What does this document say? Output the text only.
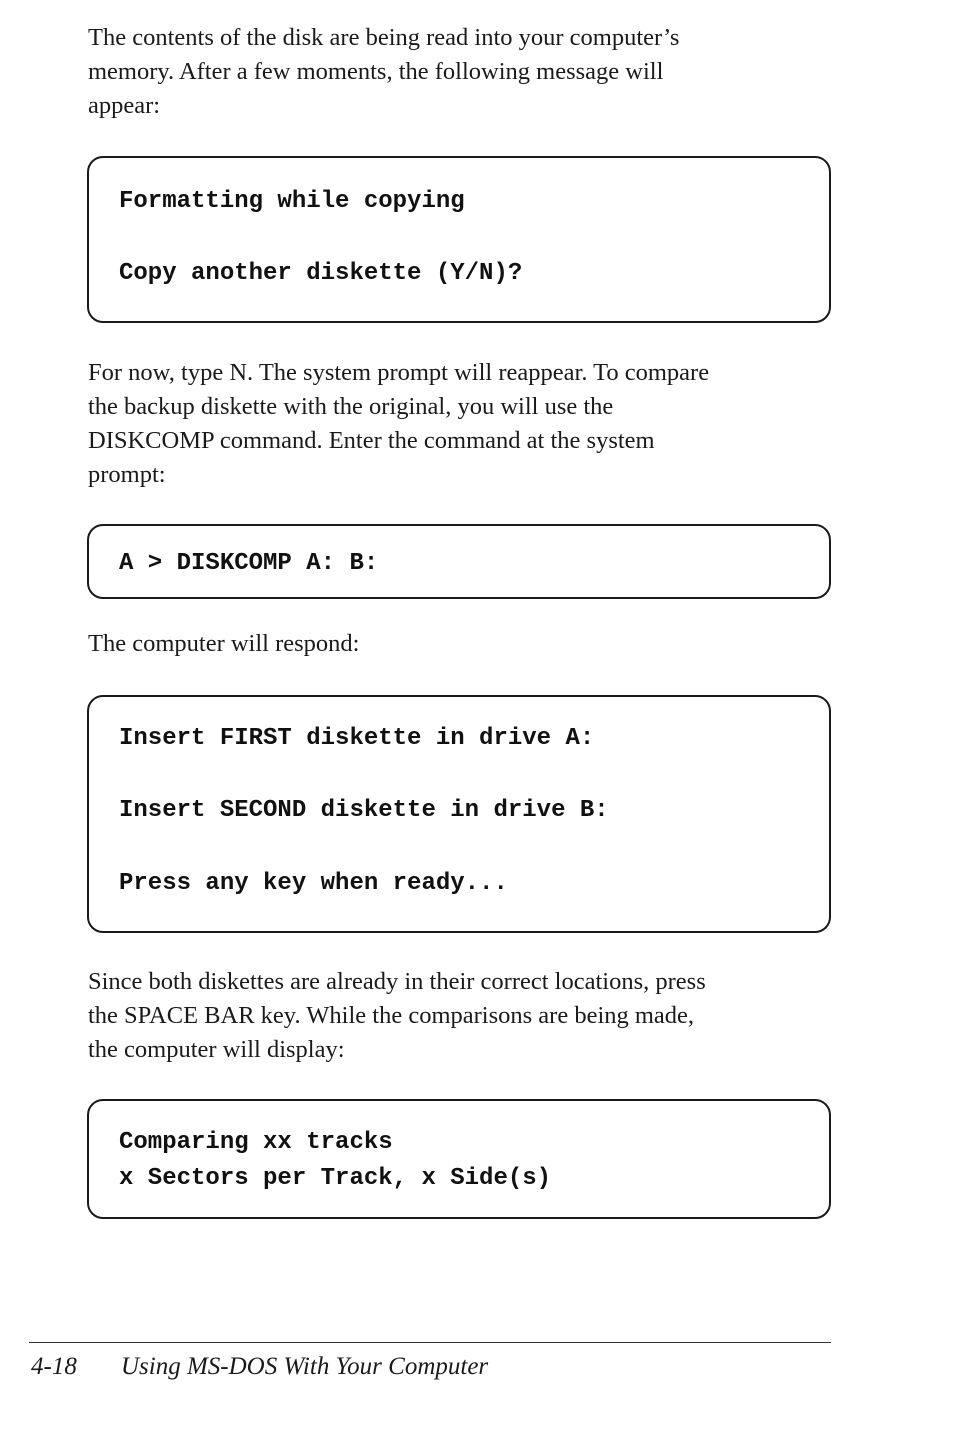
The contents of the disk are being read into your computer’s
memory. After a few moments, the following message will
appear:
Formatting while copying
Copy another diskette (Y/N)?
For now, type N. The system prompt will reappear. To compare
the backup diskette with the original, you will use the
DISKCOMP command. Enter the command at the system
prompt:
A > DISKCOMP A: B:
The computer will respond:
Insert FIRST diskette in drive A:
Insert SECOND diskette in drive B:
Press any key when ready...
Since both diskettes are already in their correct locations, press
the SPACE BAR key. While the comparisons are being made,
the computer will display:
Comparing xx tracks
x Sectors per Track, x Side(s)
4-18 Using MS-DOS With Your Computer
